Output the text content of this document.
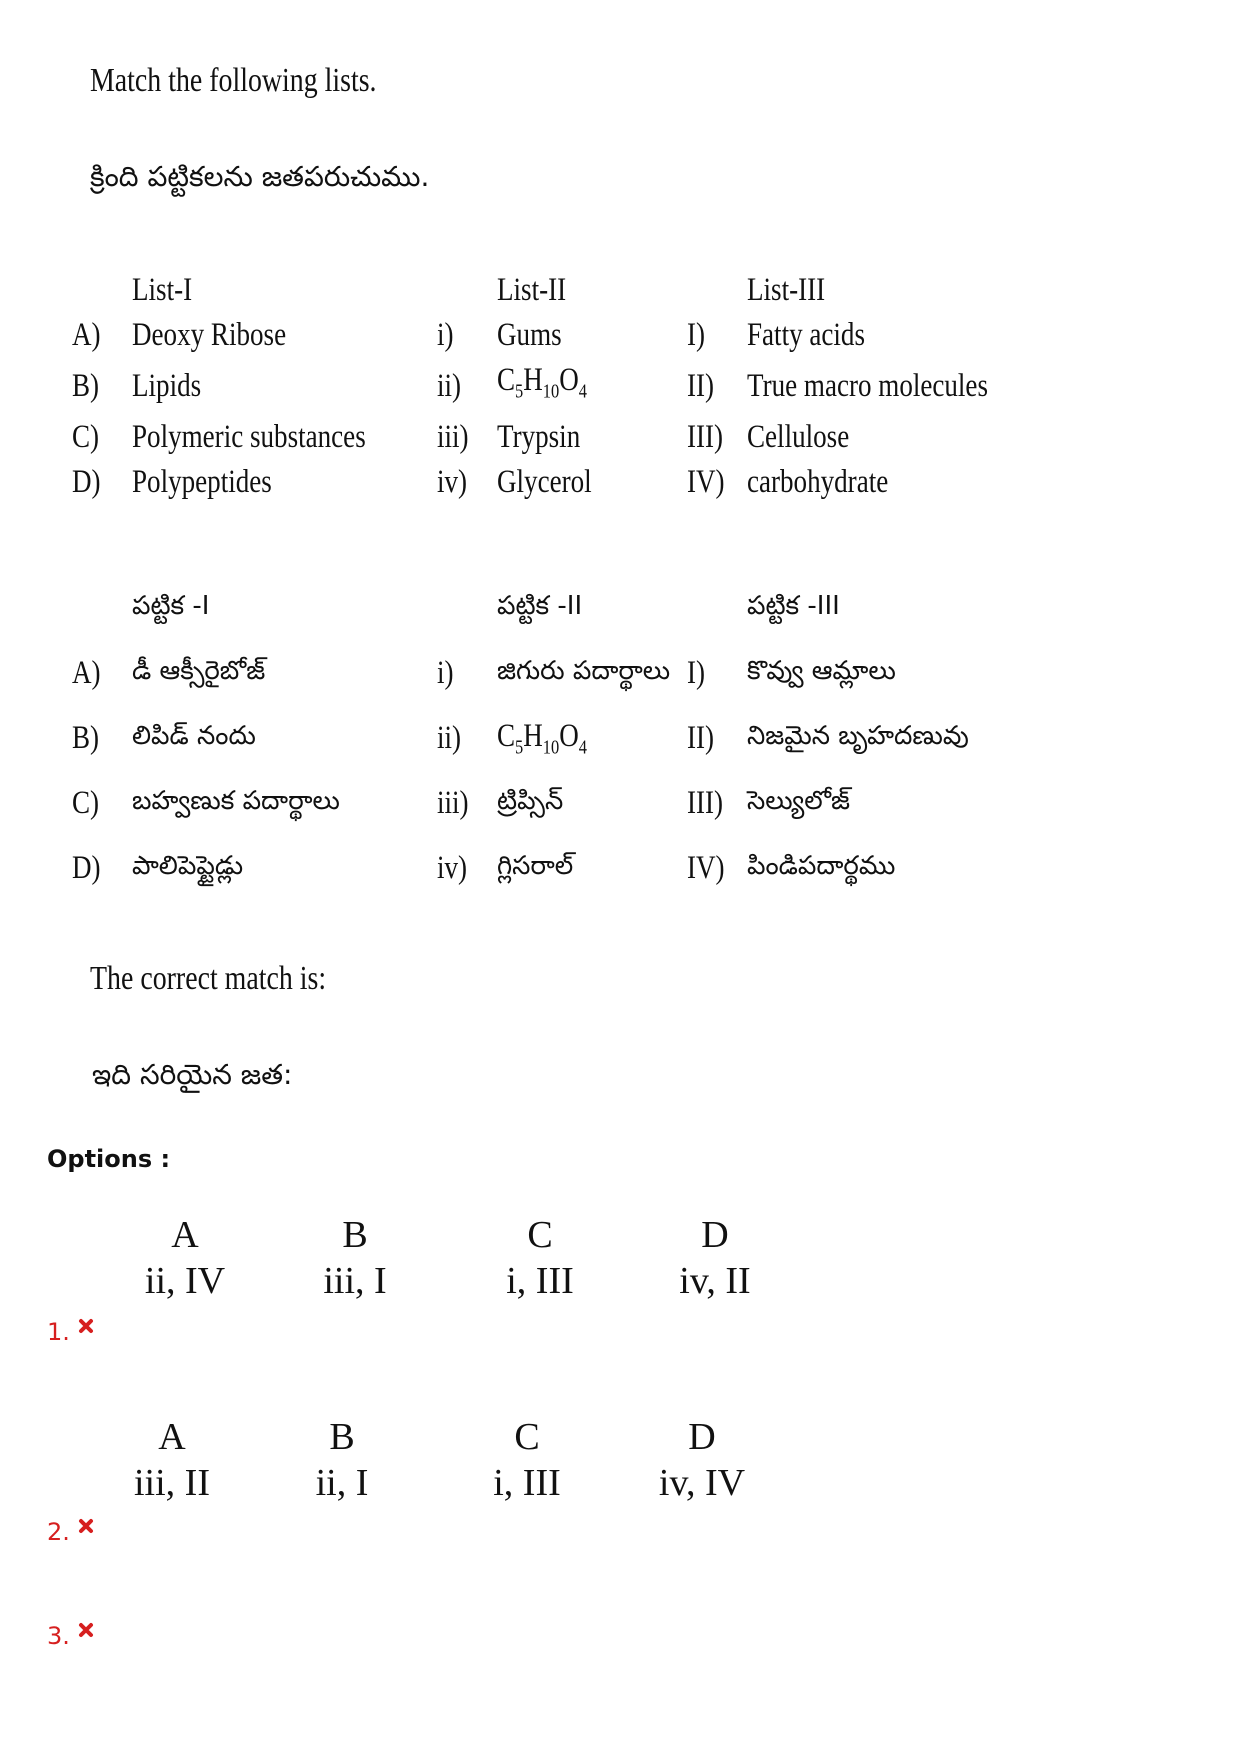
Match the following lists.
క్రింది పట్టికలను జతపరుచుము.
	List-I		List-II		List-III
A)	Deoxy Ribose	i)	Gums	I)	Fatty acids
B)	Lipids	ii)	$C_5H_{10}O_4$	II)	True macro molecules
C)	Polymeric substances	iii)	Trypsin	III)	Cellulose
D)	Polypeptides	iv)	Glycerol	IV)	carbohydrate
	పట్టిక -I		పట్టిక -II		పట్టిక -III
A)	డీ ఆక్సీరైబోజ్	i)	జిగురు పదార్థాలు	I)	కొవ్వు ఆమ్లాలు
B)	లిపిడ్ నందు	ii)	$C_5H_{10}O_4$	II)	నిజమైన బృహదణువు
C)	బహ్వణుక పదార్థాలు	iii)	ట్రిప్సిన్	III)	సెల్యులోజ్
D)	పాలిపెప్టైడ్లు	iv)	గ్లిసరాల్	IV)	పిండిపదార్థము
The correct match is:
ఇది సరియైన జత:
Options :
A
ii, IV
B
iii, I
C
i, III
D
iv, II
1.
A
iii, II
B
ii, I
C
i, III
D
iv, IV
2.
3.
